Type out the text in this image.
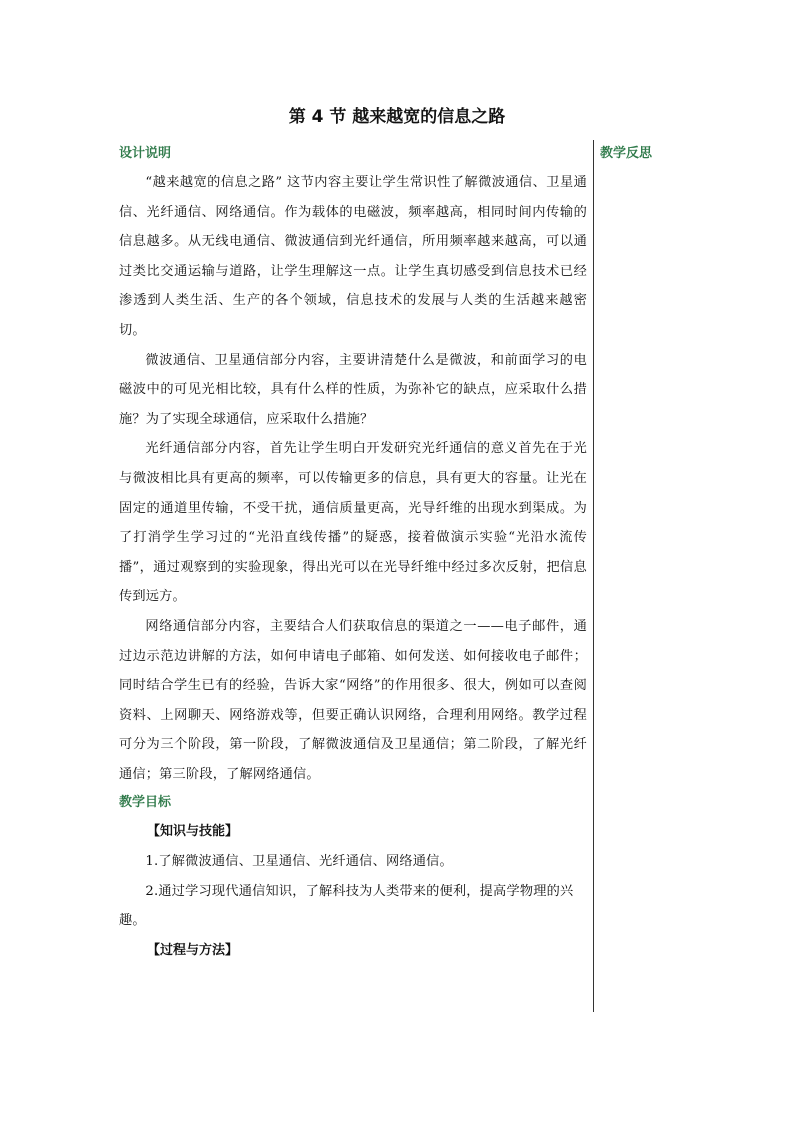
第 4 节 越来越宽的信息之路
设计说明

“越来越宽的信息之路” 这节内容主要让学生常识性了解微波通信、卫星通信、光纤通信、网络通信。作为载体的电磁波，频率越高，相同时间内传输的信息越多。从无线电通信、微波通信到光纤通信，所用频率越来越高，可以通过类比交通运输与道路，让学生理解这一点。让学生真切感受到信息技术已经渗透到人类生活、生产的各个领域，信息技术的发展与人类的生活越来越密切。

微波通信、卫星通信部分内容，主要讲清楚什么是微波，和前面学习的电磁波中的可见光相比较，具有什么样的性质，为弥补它的缺点，应采取什么措施？为了实现全球通信，应采取什么措施？

光纤通信部分内容，首先让学生明白开发研究光纤通信的意义首先在于光与微波相比具有更高的频率，可以传输更多的信息，具有更大的容量。让光在固定的通道里传输，不受干扰，通信质量更高，光导纤维的出现水到渠成。为了打消学生学习过的“光沿直线传播”的疑惑，接着做演示实验“光沿水流传播”，通过观察到的实验现象，得出光可以在光导纤维中经过多次反射，把信息传到远方。

网络通信部分内容，主要结合人们获取信息的渠道之一——电子邮件，通过边示范边讲解的方法，如何申请电子邮箱、如何发送、如何接收电子邮件；同时结合学生已有的经验，告诉大家“网络”的作用很多、很大，例如可以查阅资料、上网聊天、网络游戏等，但要正确认识网络，合理利用网络。教学过程可分为三个阶段，第一阶段，了解微波通信及卫星通信；第二阶段，了解光纤通信；第三阶段，了解网络通信。

教学目标

【知识与技能】

1.了解微波通信、卫星通信、光纤通信、网络通信。

2.通过学习现代通信知识，了解科技为人类带来的便利，提高学物理的兴趣。

【过程与方法】

教学反思
